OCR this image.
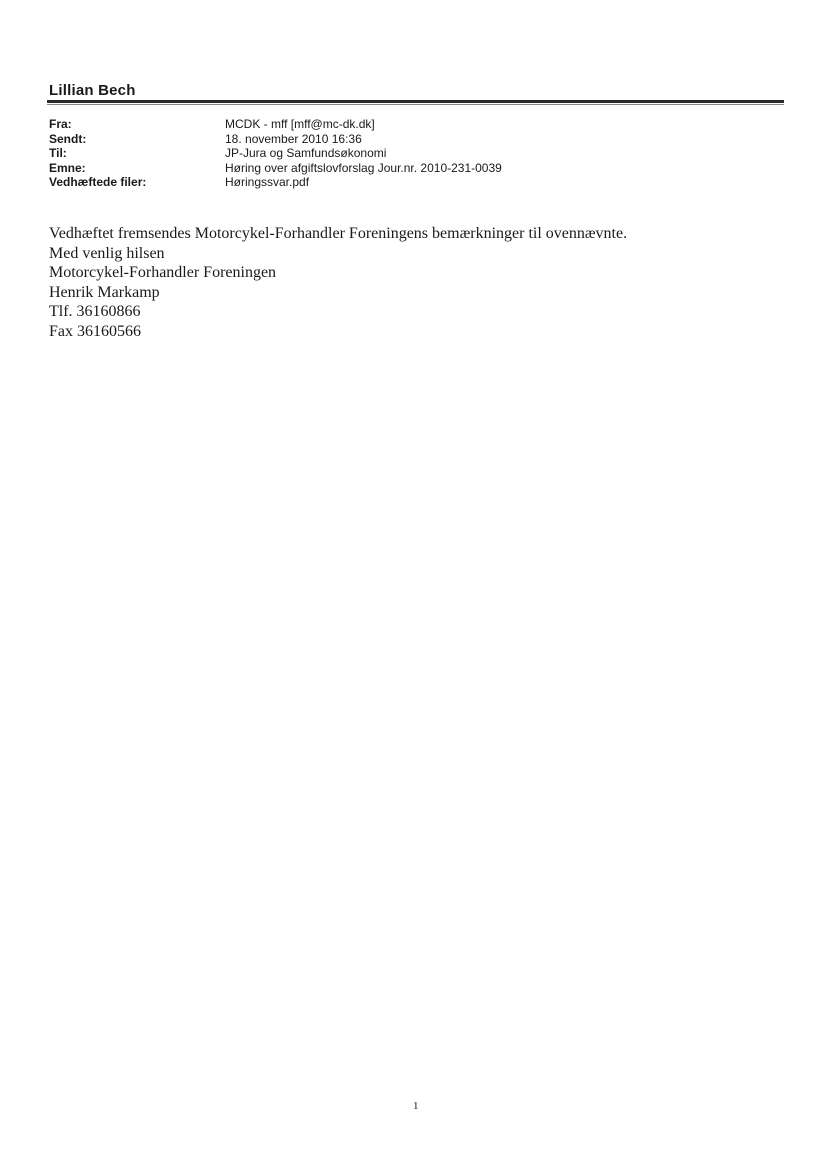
Lillian Bech
Fra:	MCDK - mff [mff@mc-dk.dk]
Sendt:	18. november 2010 16:36
Til:	JP-Jura og Samfundsøkonomi
Emne:	Høring over afgiftslovforslag Jour.nr. 2010-231-0039
Vedhæftede filer:	Høringssvar.pdf
Vedhæftet fremsendes Motorcykel-Forhandler Foreningens bemærkninger til ovennævnte.
Med venlig hilsen
Motorcykel-Forhandler Foreningen
Henrik Markamp
Tlf. 36160866
Fax 36160566
1
